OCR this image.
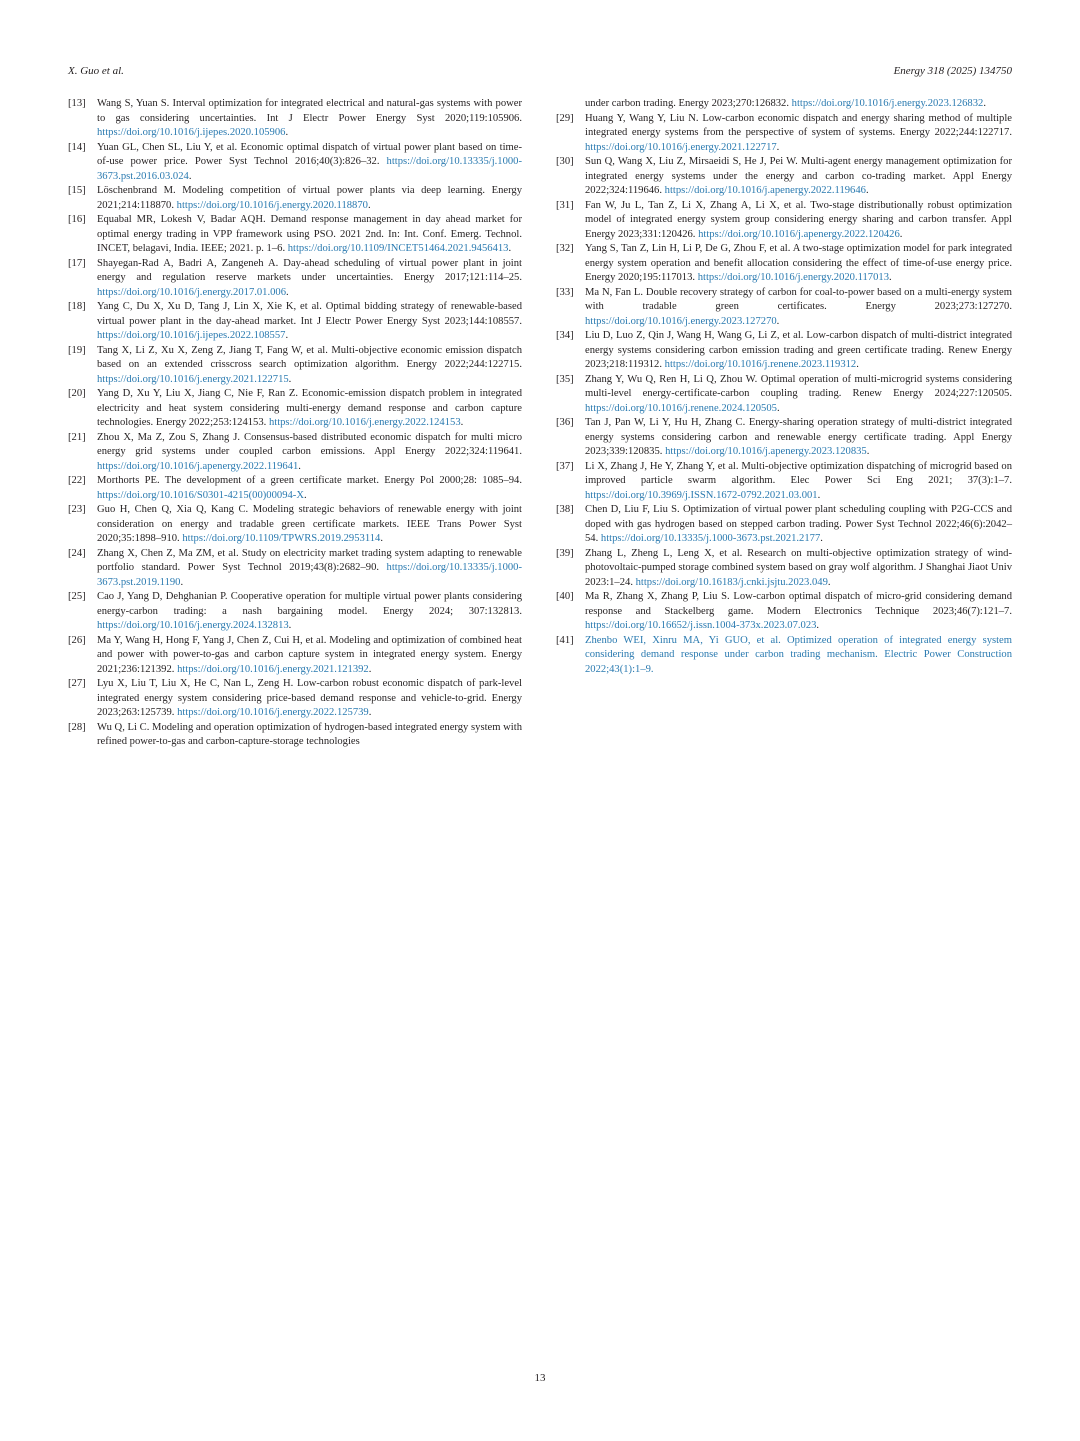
X. Guo et al.	Energy 318 (2025) 134750

[13]	Wang S, Yuan S. Interval optimization for integrated electrical and natural-gas systems with power to gas considering uncertainties. Int J Electr Power Energy Syst 2020;119:105906. https://doi.org/10.1016/j.ijepes.2020.105906.

[14]	Yuan GL, Chen SL, Liu Y, et al. Economic optimal dispatch of virtual power plant based on time-of-use power price. Power Syst Technol 2016;40(3):826–32. https://doi.org/10.13335/j.1000-3673.pst.2016.03.024.

[15]	Löschenbrand M. Modeling competition of virtual power plants via deep learning. Energy 2021;214:118870. https://doi.org/10.1016/j.energy.2020.118870.

[16]	Equabal MR, Lokesh V, Badar AQH. Demand response management in day ahead market for optimal energy trading in VPP framework using PSO. 2021 2nd. In: Int. Conf. Emerg. Technol. INCET, belagavi, India. IEEE; 2021. p. 1–6. https://doi.org/10.1109/INCET51464.2021.9456413.

[17]	Shayegan-Rad A, Badri A, Zangeneh A. Day-ahead scheduling of virtual power plant in joint energy and regulation reserve markets under uncertainties. Energy 2017;121:114–25. https://doi.org/10.1016/j.energy.2017.01.006.

[18]	Yang C, Du X, Xu D, Tang J, Lin X, Xie K, et al. Optimal bidding strategy of renewable-based virtual power plant in the day-ahead market. Int J Electr Power Energy Syst 2023;144:108557. https://doi.org/10.1016/j.ijepes.2022.108557.

[19]	Tang X, Li Z, Xu X, Zeng Z, Jiang T, Fang W, et al. Multi-objective economic emission dispatch based on an extended crisscross search optimization algorithm. Energy 2022;244:122715. https://doi.org/10.1016/j.energy.2021.122715.

[20]	Yang D, Xu Y, Liu X, Jiang C, Nie F, Ran Z. Economic-emission dispatch problem in integrated electricity and heat system considering multi-energy demand response and carbon capture technologies. Energy 2022;253:124153. https://doi.org/10.1016/j.energy.2022.124153.

[21]	Zhou X, Ma Z, Zou S, Zhang J. Consensus-based distributed economic dispatch for multi micro energy grid systems under coupled carbon emissions. Appl Energy 2022;324:119641. https://doi.org/10.1016/j.apenergy.2022.119641.

[22]	Morthorts PE. The development of a green certificate market. Energy Pol 2000;28: 1085–94. https://doi.org/10.1016/S0301-4215(00)00094-X.

[23]	Guo H, Chen Q, Xia Q, Kang C. Modeling strategic behaviors of renewable energy with joint consideration on energy and tradable green certificate markets. IEEE Trans Power Syst 2020;35:1898–910. https://doi.org/10.1109/TPWRS.2019.2953114.

[24]	Zhang X, Chen Z, Ma ZM, et al. Study on electricity market trading system adapting to renewable portfolio standard. Power Syst Technol 2019;43(8):2682–90. https://doi.org/10.13335/j.1000-3673.pst.2019.1190.

[25]	Cao J, Yang D, Dehghanian P. Cooperative operation for multiple virtual power plants considering energy-carbon trading: a nash bargaining model. Energy 2024; 307:132813. https://doi.org/10.1016/j.energy.2024.132813.

[26]	Ma Y, Wang H, Hong F, Yang J, Chen Z, Cui H, et al. Modeling and optimization of combined heat and power with power-to-gas and carbon capture system in integrated energy system. Energy 2021;236:121392. https://doi.org/10.1016/j.energy.2021.121392.

[27]	Lyu X, Liu T, Liu X, He C, Nan L, Zeng H. Low-carbon robust economic dispatch of park-level integrated energy system considering price-based demand response and vehicle-to-grid. Energy 2023;263:125739. https://doi.org/10.1016/j.energy.2022.125739.

[28]	Wu Q, Li C. Modeling and operation optimization of hydrogen-based integrated energy system with refined power-to-gas and carbon-capture-storage technologies

under carbon trading. Energy 2023;270:126832. https://doi.org/10.1016/j.energy.2023.126832.

[29]	Huang Y, Wang Y, Liu N. Low-carbon economic dispatch and energy sharing method of multiple integrated energy systems from the perspective of system of systems. Energy 2022;244:122717. https://doi.org/10.1016/j.energy.2021.122717.

[30]	Sun Q, Wang X, Liu Z, Mirsaeidi S, He J, Pei W. Multi-agent energy management optimization for integrated energy systems under the energy and carbon co-trading market. Appl Energy 2022;324:119646. https://doi.org/10.1016/j.apenergy.2022.119646.

[31]	Fan W, Ju L, Tan Z, Li X, Zhang A, Li X, et al. Two-stage distributionally robust optimization model of integrated energy system group considering energy sharing and carbon transfer. Appl Energy 2023;331:120426. https://doi.org/10.1016/j.apenergy.2022.120426.

[32]	Yang S, Tan Z, Lin H, Li P, De G, Zhou F, et al. A two-stage optimization model for park integrated energy system operation and benefit allocation considering the effect of time-of-use energy price. Energy 2020;195:117013. https://doi.org/10.1016/j.energy.2020.117013.

[33]	Ma N, Fan L. Double recovery strategy of carbon for coal-to-power based on a multi-energy system with tradable green certificates. Energy 2023;273:127270. https://doi.org/10.1016/j.energy.2023.127270.

[34]	Liu D, Luo Z, Qin J, Wang H, Wang G, Li Z, et al. Low-carbon dispatch of multi-district integrated energy systems considering carbon emission trading and green certificate trading. Renew Energy 2023;218:119312. https://doi.org/10.1016/j.renene.2023.119312.

[35]	Zhang Y, Wu Q, Ren H, Li Q, Zhou W. Optimal operation of multi-microgrid systems considering multi-level energy-certificate-carbon coupling trading. Renew Energy 2024;227:120505. https://doi.org/10.1016/j.renene.2024.120505.

[36]	Tan J, Pan W, Li Y, Hu H, Zhang C. Energy-sharing operation strategy of multi-district integrated energy systems considering carbon and renewable energy certificate trading. Appl Energy 2023;339:120835. https://doi.org/10.1016/j.apenergy.2023.120835.

[37]	Li X, Zhang J, He Y, Zhang Y, et al. Multi-objective optimization dispatching of microgrid based on improved particle swarm algorithm. Elec Power Sci Eng 2021; 37(3):1–7. https://doi.org/10.3969/j.ISSN.1672-0792.2021.03.001.

[38]	Chen D, Liu F, Liu S. Optimization of virtual power plant scheduling coupling with P2G-CCS and doped with gas hydrogen based on stepped carbon trading. Power Syst Technol 2022;46(6):2042–54. https://doi.org/10.13335/j.1000-3673.pst.2021.2177.

[39]	Zhang L, Zheng L, Leng X, et al. Research on multi-objective optimization strategy of wind-photovoltaic-pumped storage combined system based on gray wolf algorithm. J Shanghai Jiaot Univ 2023:1–24. https://doi.org/10.16183/j.cnki.jsjtu.2023.049.

[40]	Ma R, Zhang X, Zhang P, Liu S. Low-carbon optimal dispatch of micro-grid considering demand response and Stackelberg game. Modern Electronics Technique 2023;46(7):121–7. https://doi.org/10.16652/j.issn.1004-373x.2023.07.023.

[41]	Zhenbo WEI, Xinru MA, Yi GUO, et al. Optimized operation of integrated energy system considering demand response under carbon trading mechanism. Electric Power Construction 2022;43(1):1–9.

13
